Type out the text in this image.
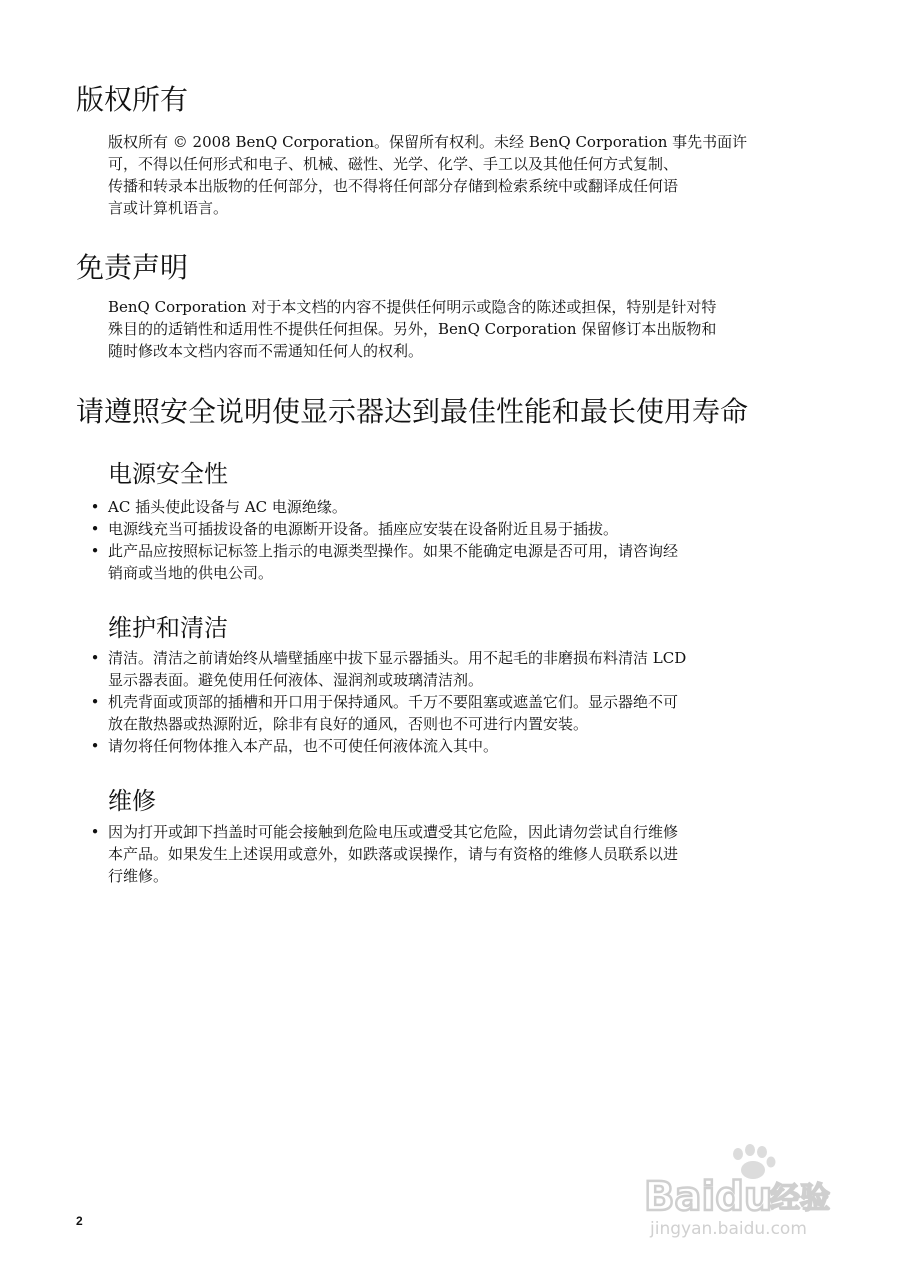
版权所有
版权所有 © 2008 BenQ Corporation。保留所有权利。未经 BenQ Corporation 事先书面许
可，不得以任何形式和电子、机械、磁性、光学、化学、手工以及其他任何方式复制、
传播和转录本出版物的任何部分，也不得将任何部分存储到检索系统中或翻译成任何语
言或计算机语言。
免责声明
BenQ Corporation 对于本文档的内容不提供任何明示或隐含的陈述或担保，特别是针对特
殊目的的适销性和适用性不提供任何担保。另外，BenQ Corporation 保留修订本出版物和
随时修改本文档内容而不需通知任何人的权利。
请遵照安全说明使显示器达到最佳性能和最长使用寿命
电源安全性
• AC 插头使此设备与 AC 电源绝缘。
• 电源线充当可插拔设备的电源断开设备。插座应安装在设备附近且易于插拔。
• 此产品应按照标记标签上指示的电源类型操作。如果不能确定电源是否可用，请咨询经
销商或当地的供电公司。
维护和清洁
• 清洁。清洁之前请始终从墙壁插座中拔下显示器插头。用不起毛的非磨损布料清洁 LCD
显示器表面。避免使用任何液体、湿润剂或玻璃清洁剂。
• 机壳背面或顶部的插槽和开口用于保持通风。千万不要阻塞或遮盖它们。显示器绝不可
放在散热器或热源附近，除非有良好的通风，否则也不可进行内置安装。
• 请勿将任何物体推入本产品，也不可使任何液体流入其中。
维修
• 因为打开或卸下挡盖时可能会接触到危险电压或遭受其它危险，因此请勿尝试自行维修
本产品。如果发生上述误用或意外，如跌落或误操作，请与有资格的维修人员联系以进
行维修。
2
Baidu
经验
jingyan.baidu.com
